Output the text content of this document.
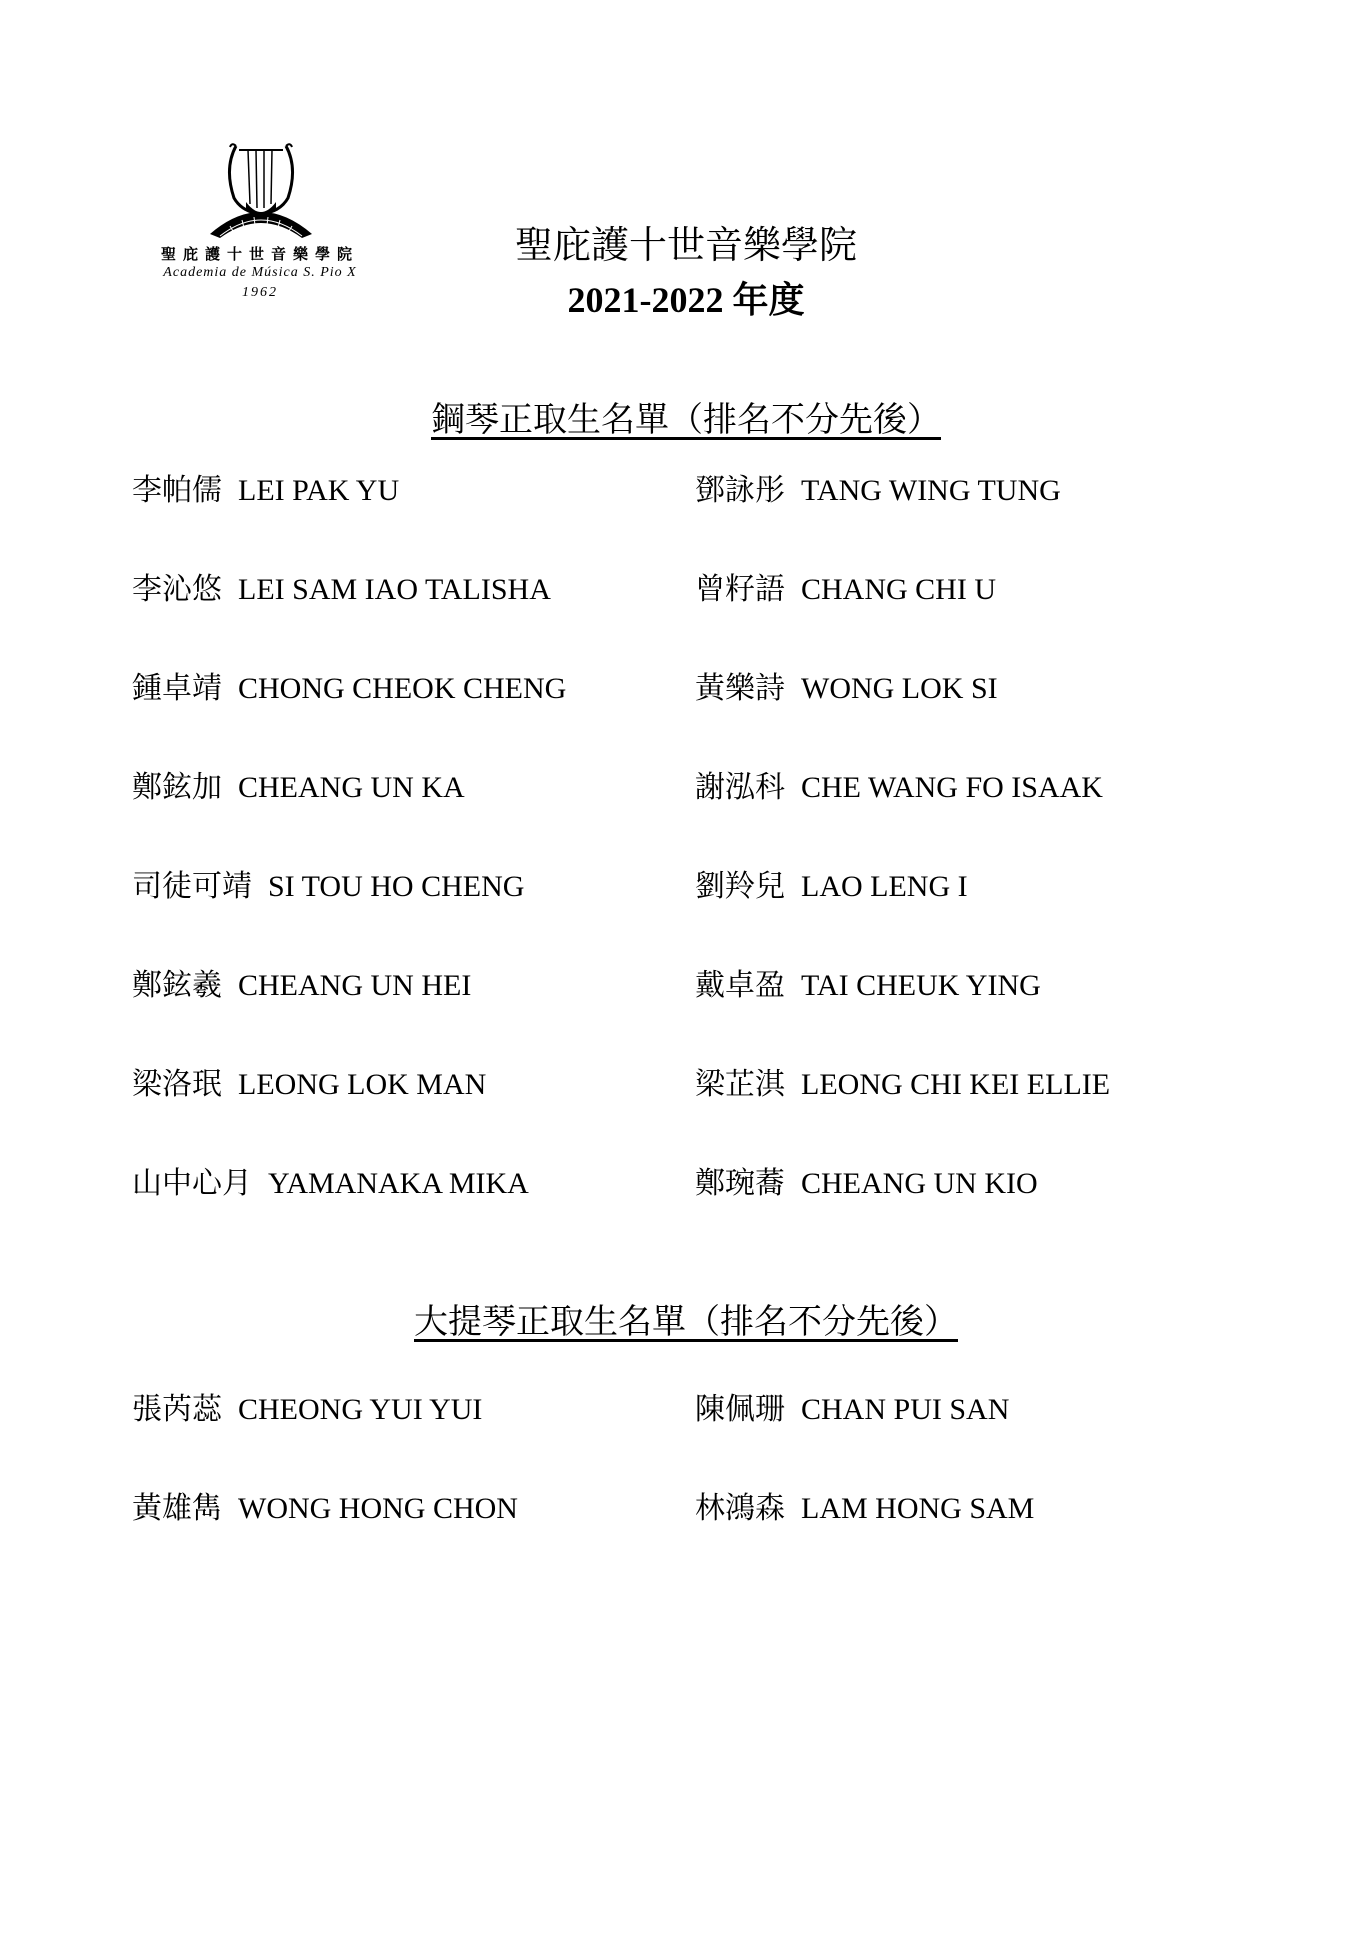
聖庇護十世音樂學院
Academia de Música S. Pio X
1962
聖庇護十世音樂學院
2021-2022 年度
鋼琴正取生名單（排名不分先後）
李帕儒 LEI PAK YU	鄧詠彤 TANG WING TUNG
李沁悠 LEI SAM IAO TALISHA	曾籽語 CHANG CHI U
鍾卓靖 CHONG CHEOK CHENG	黃樂詩 WONG LOK SI
鄭鉉加 CHEANG UN KA	謝泓科 CHE WANG FO ISAAK
司徒可靖 SI TOU HO CHENG	劉羚兒 LAO LENG I
鄭鉉羲 CHEANG UN HEI	戴卓盈 TAI CHEUK YING
梁洛珉 LEONG LOK MAN	梁芷淇 LEONG CHI KEI ELLIE
山中心月 YAMANAKA MIKA	鄭琬蕎 CHEANG UN KIO
大提琴正取生名單（排名不分先後）
張芮蕊 CHEONG YUI YUI	陳佩珊 CHAN PUI SAN
黃雄雋 WONG HONG CHON	林鴻森 LAM HONG SAM
